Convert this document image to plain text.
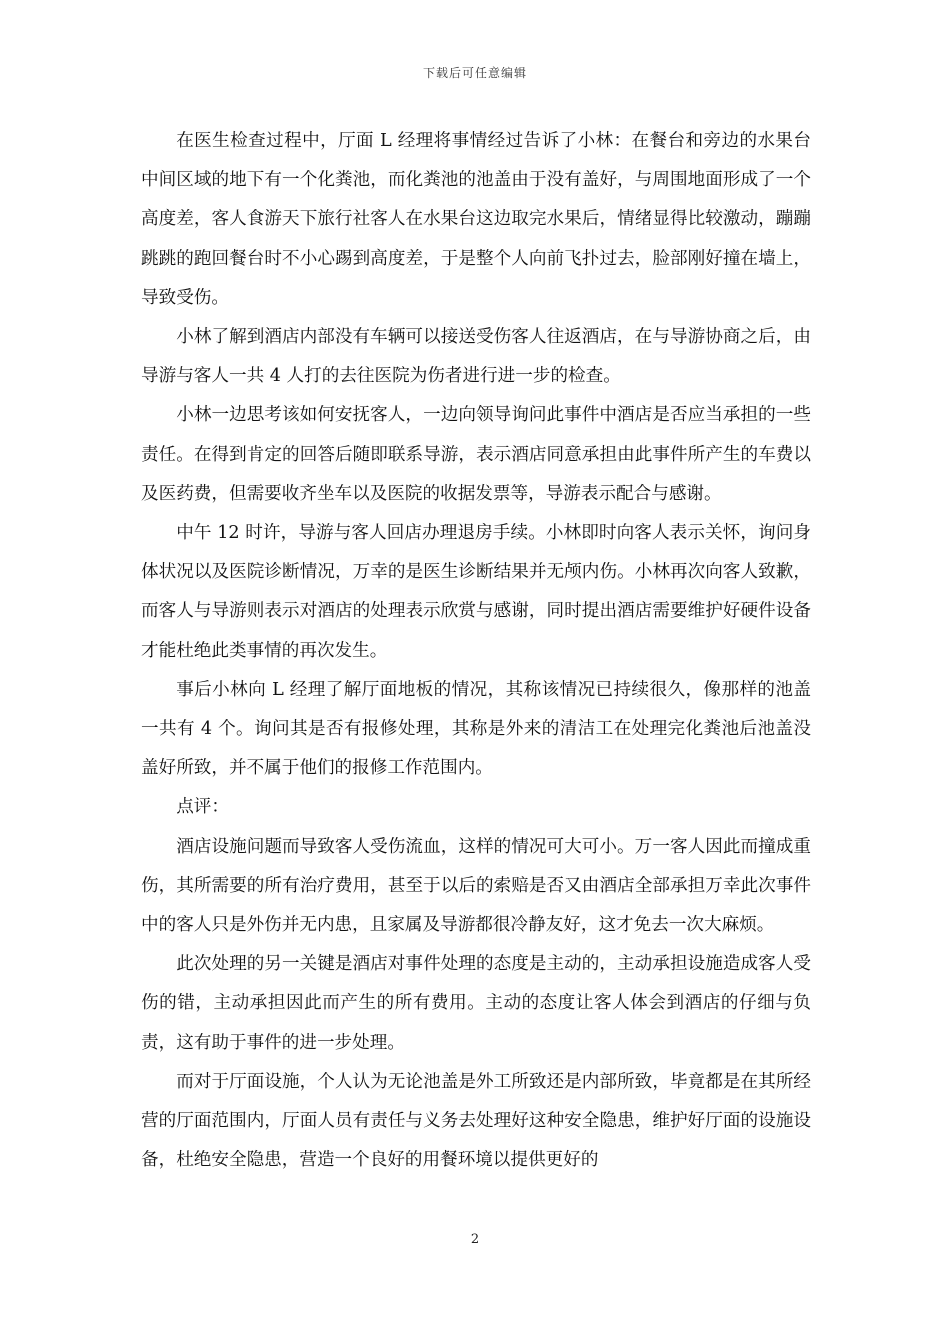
下载后可任意编辑

在医生检查过程中，厅面 L 经理将事情经过告诉了小林：在餐台和旁边的水果台中间区域的地下有一个化粪池，而化粪池的池盖由于没有盖好，与周围地面形成了一个高度差，客人食游天下旅行社客人在水果台这边取完水果后，情绪显得比较激动，蹦蹦跳跳的跑回餐台时不小心踢到高度差，于是整个人向前飞扑过去，脸部刚好撞在墙上，导致受伤。

小林了解到酒店内部没有车辆可以接送受伤客人往返酒店，在与导游协商之后，由导游与客人一共 4 人打的去往医院为伤者进行进一步的检查。

小林一边思考该如何安抚客人，一边向领导询问此事件中酒店是否应当承担的一些责任。在得到肯定的回答后随即联系导游，表示酒店同意承担由此事件所产生的车费以及医药费，但需要收齐坐车以及医院的收据发票等，导游表示配合与感谢。

中午 12 时许，导游与客人回店办理退房手续。小林即时向客人表示关怀，询问身体状况以及医院诊断情况，万幸的是医生诊断结果并无颅内伤。小林再次向客人致歉，而客人与导游则表示对酒店的处理表示欣赏与感谢，同时提出酒店需要维护好硬件设备才能杜绝此类事情的再次发生。

事后小林向 L 经理了解厅面地板的情况，其称该情况已持续很久，像那样的池盖一共有 4 个。询问其是否有报修处理，其称是外来的清洁工在处理完化粪池后池盖没盖好所致，并不属于他们的报修工作范围内。

点评：

酒店设施问题而导致客人受伤流血，这样的情况可大可小。万一客人因此而撞成重伤，其所需要的所有治疗费用，甚至于以后的索赔是否又由酒店全部承担万幸此次事件中的客人只是外伤并无内患，且家属及导游都很冷静友好，这才免去一次大麻烦。

此次处理的另一关键是酒店对事件处理的态度是主动的，主动承担设施造成客人受伤的错，主动承担因此而产生的所有费用。主动的态度让客人体会到酒店的仔细与负责，这有助于事件的进一步处理。

而对于厅面设施，个人认为无论池盖是外工所致还是内部所致，毕竟都是在其所经营的厅面范围内，厅面人员有责任与义务去处理好这种安全隐患，维护好厅面的设施设备，杜绝安全隐患，营造一个良好的用餐环境以提供更好的

2
